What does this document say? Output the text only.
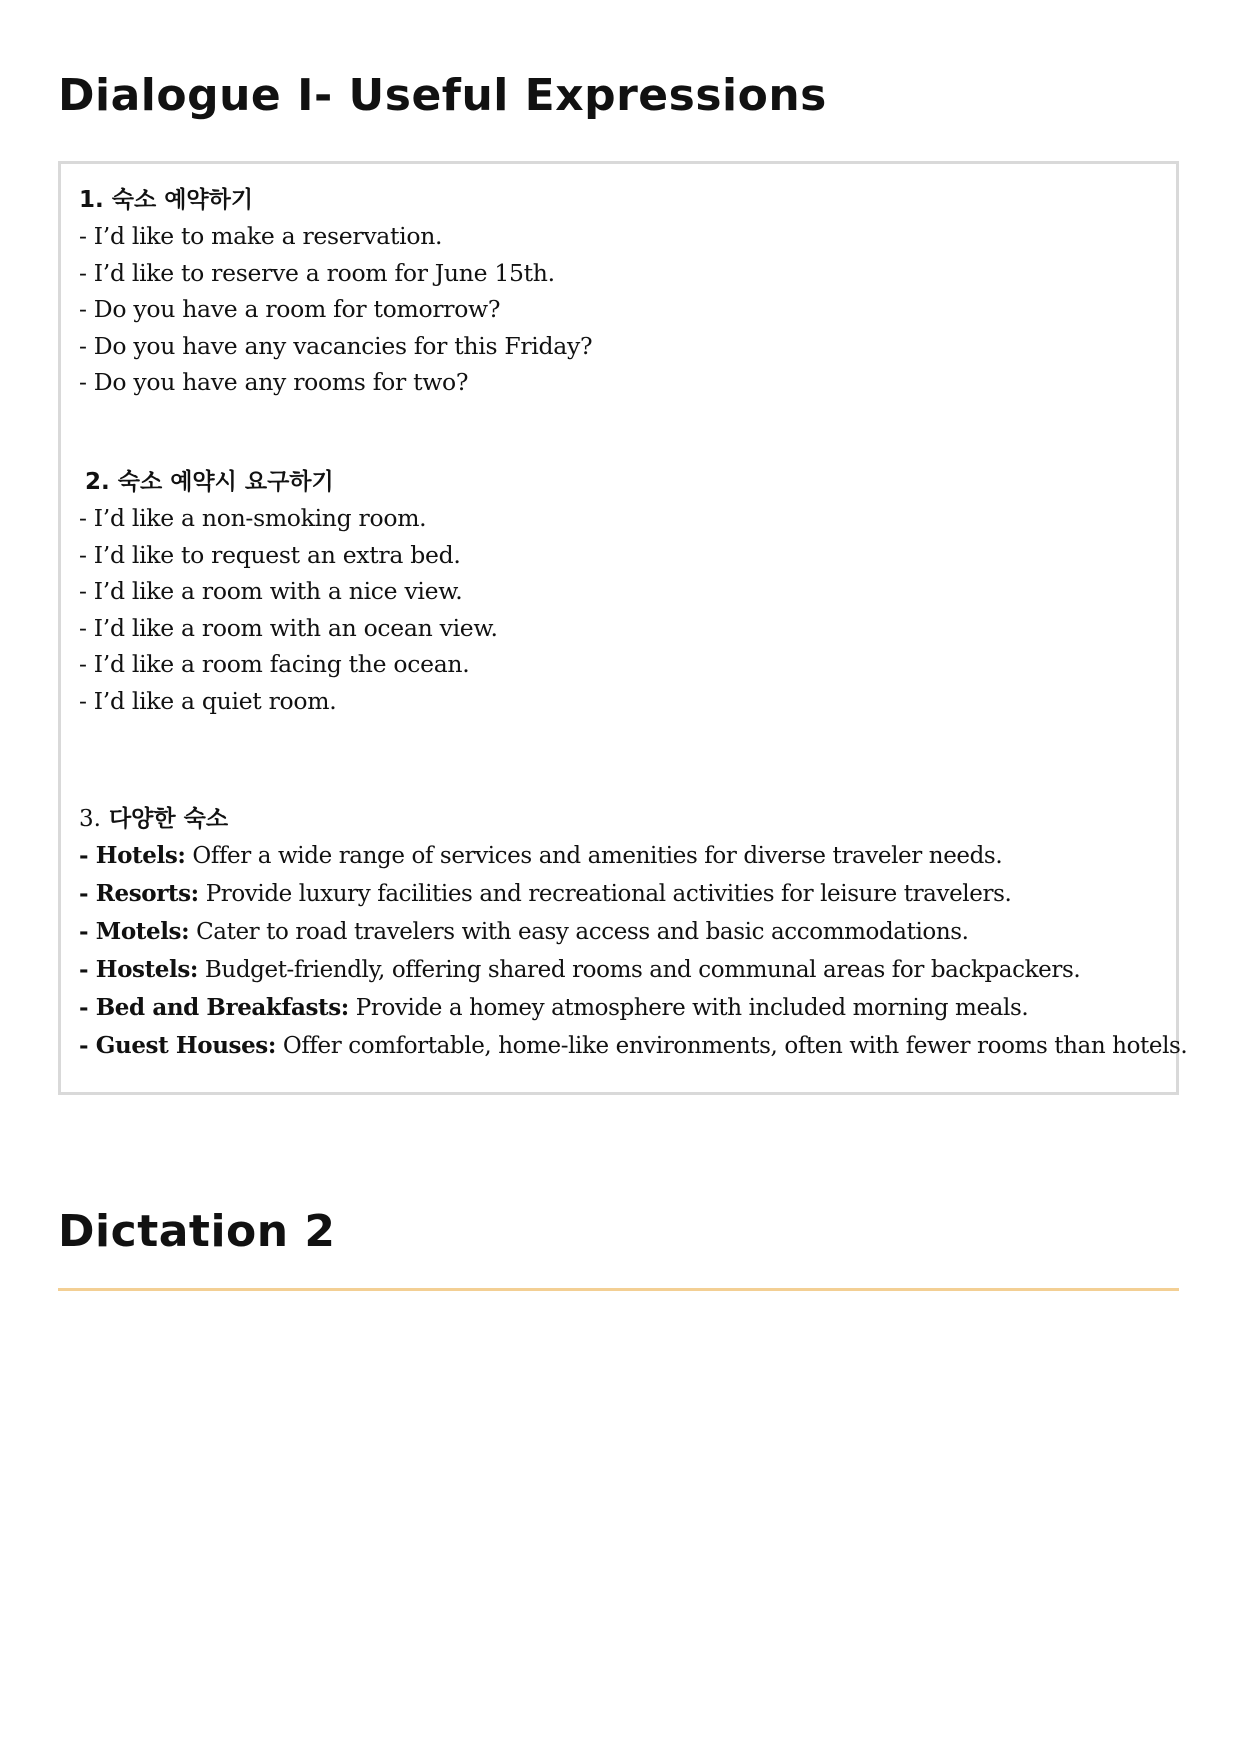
Dialogue I- Useful Expressions

1. 숙소 예약하기

- I’d like to make a reservation.
- I’d like to reserve a room for June 15th.
- Do you have a room for tomorrow?
- Do you have any vacancies for this Friday?
- Do you have any rooms for two?

2. 숙소 예약시 요구하기

- I’d like a non-smoking room.
- I’d like to request an extra bed.
- I’d like a room with a nice view.
- I’d like a room with an ocean view.
- I’d like a room facing the ocean.
- I’d like a quiet room.

3. 다양한 숙소

- Hotels: Offer a wide range of services and amenities for diverse traveler needs.
- Resorts: Provide luxury facilities and recreational activities for leisure travelers.
- Motels: Cater to road travelers with easy access and basic accommodations.
- Hostels: Budget-friendly, offering shared rooms and communal areas for backpackers.
- Bed and Breakfasts: Provide a homey atmosphere with included morning meals.
- Guest Houses: Offer comfortable, home-like environments, often with fewer rooms than hotels.
Dictation 2
